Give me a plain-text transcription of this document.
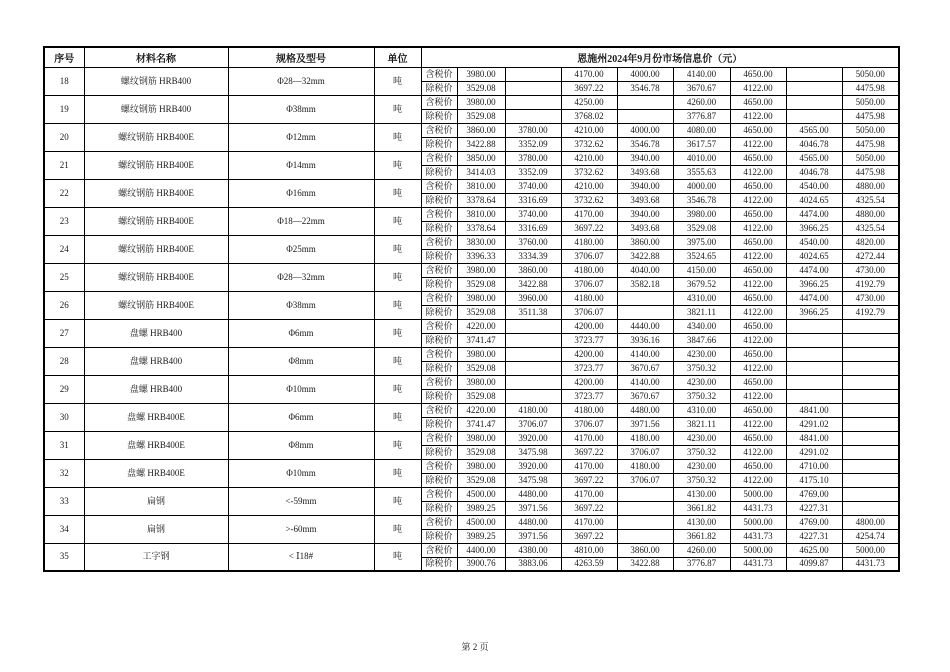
序号	材料名称	规格及型号	单位	恩施州2024年9月份市场信息价（元）								
18	螺纹钢筋 HRB400	Φ28—32mm	吨	含税价	3980.00		4170.00	4000.00	4140.00	4650.00		5050.00
				除税价	3529.08		3697.22	3546.78	3670.67	4122.00		4475.98
19	螺纹钢筋 HRB400	Φ38mm	吨	含税价	3980.00		4250.00		4260.00	4650.00		5050.00
				除税价	3529.08		3768.02		3776.87	4122.00		4475.98
20	螺纹钢筋 HRB400E	Φ12mm	吨	含税价	3860.00	3780.00	4210.00	4000.00	4080.00	4650.00	4565.00	5050.00
				除税价	3422.88	3352.09	3732.62	3546.78	3617.57	4122.00	4046.78	4475.98
21	螺纹钢筋 HRB400E	Φ14mm	吨	含税价	3850.00	3780.00	4210.00	3940.00	4010.00	4650.00	4565.00	5050.00
				除税价	3414.03	3352.09	3732.62	3493.68	3555.63	4122.00	4046.78	4475.98
22	螺纹钢筋 HRB400E	Φ16mm	吨	含税价	3810.00	3740.00	4210.00	3940.00	4000.00	4650.00	4540.00	4880.00
				除税价	3378.64	3316.69	3732.62	3493.68	3546.78	4122.00	4024.65	4325.54
23	螺纹钢筋 HRB400E	Φ18—22mm	吨	含税价	3810.00	3740.00	4170.00	3940.00	3980.00	4650.00	4474.00	4880.00
				除税价	3378.64	3316.69	3697.22	3493.68	3529.08	4122.00	3966.25	4325.54
24	螺纹钢筋 HRB400E	Φ25mm	吨	含税价	3830.00	3760.00	4180.00	3860.00	3975.00	4650.00	4540.00	4820.00
				除税价	3396.33	3334.39	3706.07	3422.88	3524.65	4122.00	4024.65	4272.44
25	螺纹钢筋 HRB400E	Φ28—32mm	吨	含税价	3980.00	3860.00	4180.00	4040.00	4150.00	4650.00	4474.00	4730.00
				除税价	3529.08	3422.88	3706.07	3582.18	3679.52	4122.00	3966.25	4192.79
26	螺纹钢筋 HRB400E	Φ38mm	吨	含税价	3980.00	3960.00	4180.00		4310.00	4650.00	4474.00	4730.00
				除税价	3529.08	3511.38	3706.07		3821.11	4122.00	3966.25	4192.79
27	盘螺 HRB400	Φ6mm	吨	含税价	4220.00		4200.00	4440.00	4340.00	4650.00		
				除税价	3741.47		3723.77	3936.16	3847.66	4122.00		
28	盘螺 HRB400	Φ8mm	吨	含税价	3980.00		4200.00	4140.00	4230.00	4650.00		
				除税价	3529.08		3723.77	3670.67	3750.32	4122.00		
29	盘螺 HRB400	Φ10mm	吨	含税价	3980.00		4200.00	4140.00	4230.00	4650.00		
				除税价	3529.08		3723.77	3670.67	3750.32	4122.00		
30	盘螺 HRB400E	Φ6mm	吨	含税价	4220.00	4180.00	4180.00	4480.00	4310.00	4650.00	4841.00	
				除税价	3741.47	3706.07	3706.07	3971.56	3821.11	4122.00	4291.02	
31	盘螺 HRB400E	Φ8mm	吨	含税价	3980.00	3920.00	4170.00	4180.00	4230.00	4650.00	4841.00	
				除税价	3529.08	3475.98	3697.22	3706.07	3750.32	4122.00	4291.02	
32	盘螺 HRB400E	Φ10mm	吨	含税价	3980.00	3920.00	4170.00	4180.00	4230.00	4650.00	4710.00	
				除税价	3529.08	3475.98	3697.22	3706.07	3750.32	4122.00	4175.10	
33	扁钢	<-59mm	吨	含税价	4500.00	4480.00	4170.00		4130.00	5000.00	4769.00	
				除税价	3989.25	3971.56	3697.22		3661.82	4431.73	4227.31	
34	扁钢	>-60mm	吨	含税价	4500.00	4480.00	4170.00		4130.00	5000.00	4769.00	4800.00
				除税价	3989.25	3971.56	3697.22		3661.82	4431.73	4227.31	4254.74
35	工字钢	< Ⅰ18#	吨	含税价	4400.00	4380.00	4810.00	3860.00	4260.00	5000.00	4625.00	5000.00
				除税价	3900.76	3883.06	4263.59	3422.88	3776.87	4431.73	4099.87	4431.73
第 2 页
